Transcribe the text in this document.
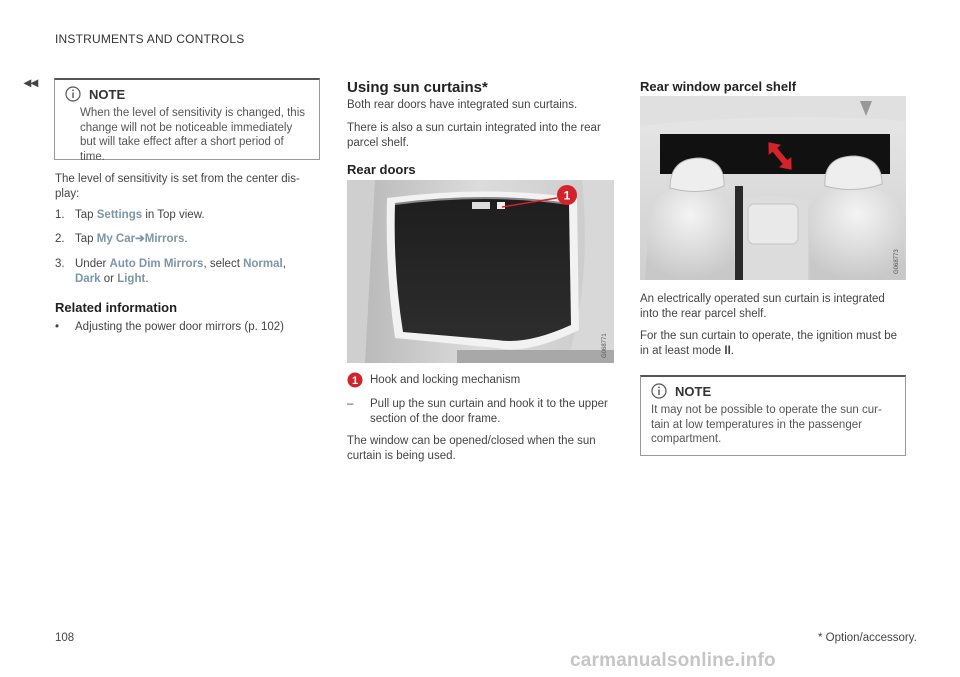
INSTRUMENTS AND CONTROLS
◂◂
NOTE
When the level of sensitivity is changed, this change will not be noticeable immediately but will take effect after a short period of time.
The level of sensitivity is set from the center dis- play:
1. Tap Settings in Top view.
2. Tap My Car➔Mirrors.
3. Under Auto Dim Mirrors, select Normal,
Dark or Light.
Related information
• Adjusting the power door mirrors (p. 102)
Using sun curtains*
Both rear doors have integrated sun curtains.
There is also a sun curtain integrated into the rear parcel shelf.
Rear doors
1
G068771
1 Hook and locking mechanism
–	Pull up the sun curtain and hook it to the upper section of the door frame.
The window can be opened/closed when the sun curtain is being used.
Rear window parcel shelf
G068773
An electrically operated sun curtain is integrated into the rear parcel shelf.
For the sun curtain to operate, the ignition must be in at least mode II.
NOTE
It may not be possible to operate the sun cur- tain at low temperatures in the passenger compartment.
108	* Option/accessory.
carmanualsonline.info
